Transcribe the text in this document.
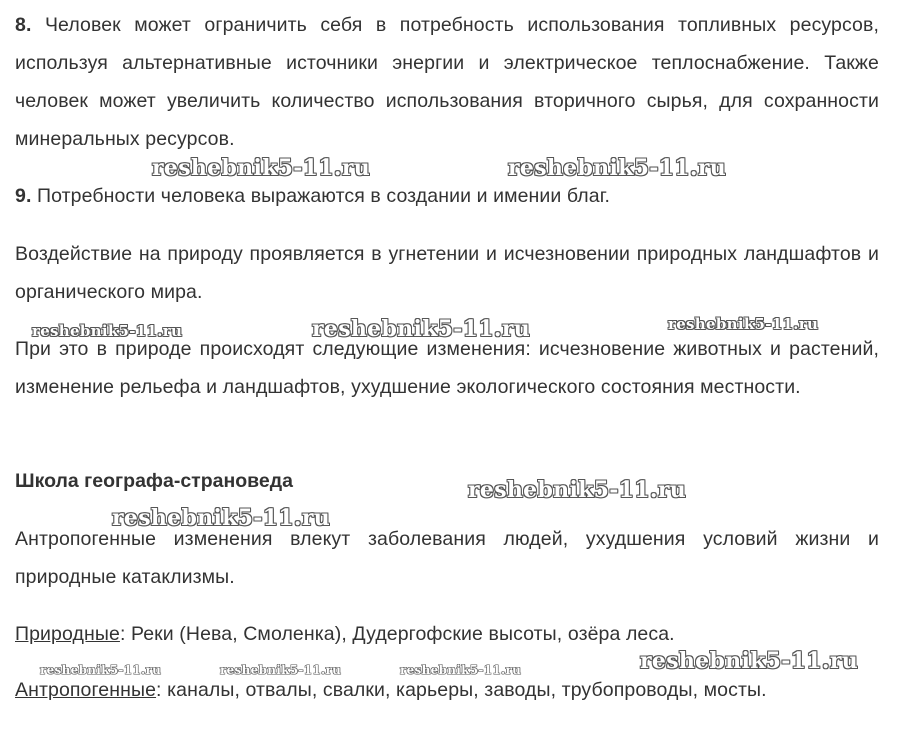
8. Человек может ограничить себя в потребность использования топливных ресурсов, используя альтернативные источники энергии и электрическое теплоснабжение. Также человек может увеличить количество использования вторичного сырья, для сохранности минеральных ресурсов.

9. Потребности человека выражаются в создании и имении благ.

Воздействие на природу проявляется в угнетении и исчезновении природных ландшафтов и органического мира.

При это в природе происходят следующие изменения: исчезновение животных и растений, изменение рельефа и ландшафтов, ухудшение экологического состояния местности.

Школа географа-страноведа

Антропогенные изменения влекут заболевания людей, ухудшения условий жизни и природные катаклизмы.

Природные: Реки (Нева, Смоленка), Дудергофские высоты, озёра леса.

Антропогенные: каналы, отвалы, свалки, карьеры, заводы, трубопроводы, мосты.

reshebnik5-11.ru	reshebnik5-11.ru
reshebnik5-11.ru	reshebnik5-11.ru	reshebnik5-11.ru
reshebnik5-11.ru
reshebnik5-11.ru
reshebnik5-11.ru	reshebnik5-11.ru	reshebnik5-11.ru	reshebnik5-11.ru
